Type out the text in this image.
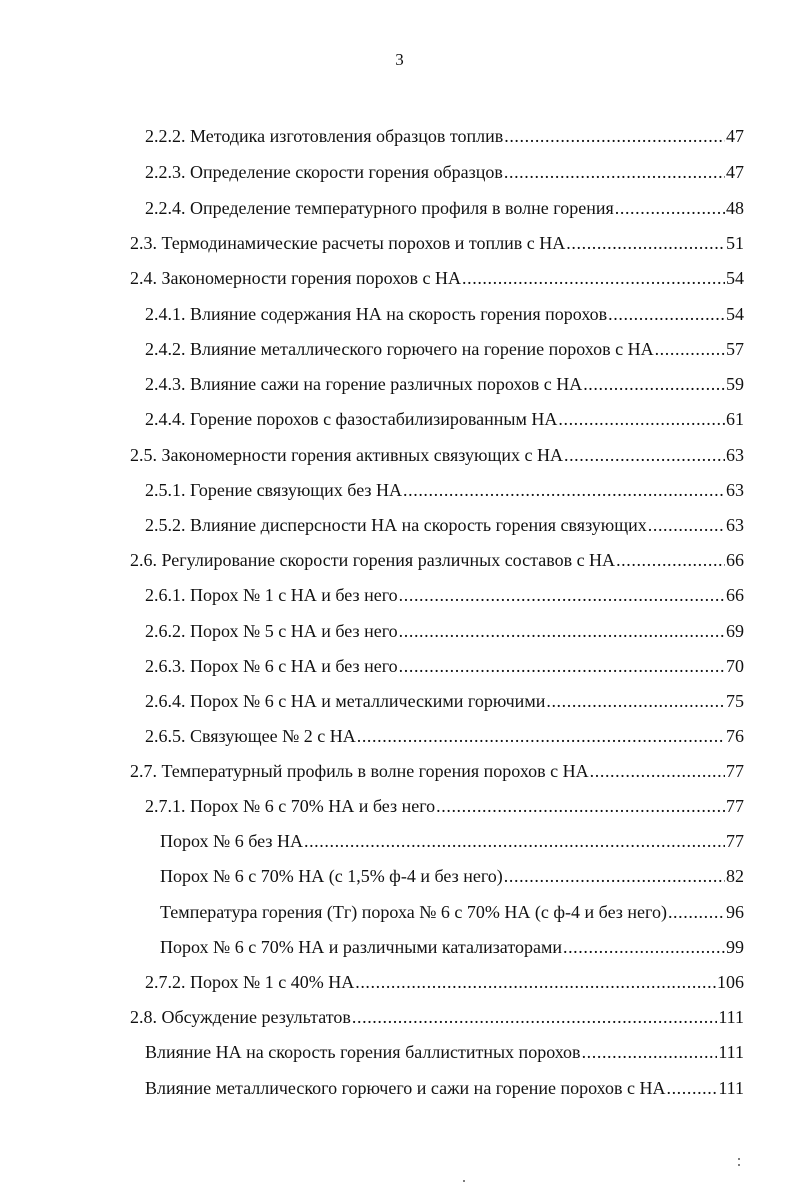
3
2.2.2. Методика изготовления образцов топлив .....	47
2.2.3. Определение скорости горения образцов .....	47
2.2.4. Определение температурного профиля в волне горения .....	48
2.3. Термодинамические расчеты порохов и топлив с НА .....	51
2.4. Закономерности горения порохов с НА .....	54
2.4.1. Влияние содержания НА на скорость горения порохов .....	54
2.4.2. Влияние металлического горючего на горение порохов с НА .....	57
2.4.3. Влияние сажи на горение различных порохов с НА .....	59
2.4.4. Горение порохов с фазостабилизированным НА .....	61
2.5. Закономерности горения активных связующих с НА .....	63
2.5.1. Горение связующих без НА .....	63
2.5.2. Влияние дисперсности НА на скорость горения связующих .....	63
2.6. Регулирование скорости горения различных составов с НА .....	66
2.6.1. Порох № 1 с НА и без него .....	66
2.6.2. Порох № 5 с НА и без него .....	69
2.6.3. Порох № 6 с НА и без него .....	70
2.6.4. Порох № 6 с НА и металлическими горючими .....	75
2.6.5. Связующее № 2 с НА .....	76
2.7. Температурный профиль в волне горения порохов с НА .....	77
2.7.1. Порох № 6 с 70% НА и без него .....	77
Порох № 6 без НА .....	77
Порох № 6 с 70% НА (с 1,5% ф-4 и без него) .....	82
Температура горения (Tг) пороха № 6 с 70% НА (с ф-4 и без него) .....	96
Порох № 6 с 70% НА и различными катализаторами .....	99
2.7.2. Порох № 1 с 40% НА .....	106
2.8. Обсуждение результатов .....	111
Влияние НА на скорость горения баллиститных порохов .....	111
Влияние металлического горючего и сажи на горение порохов с НА .....	111
